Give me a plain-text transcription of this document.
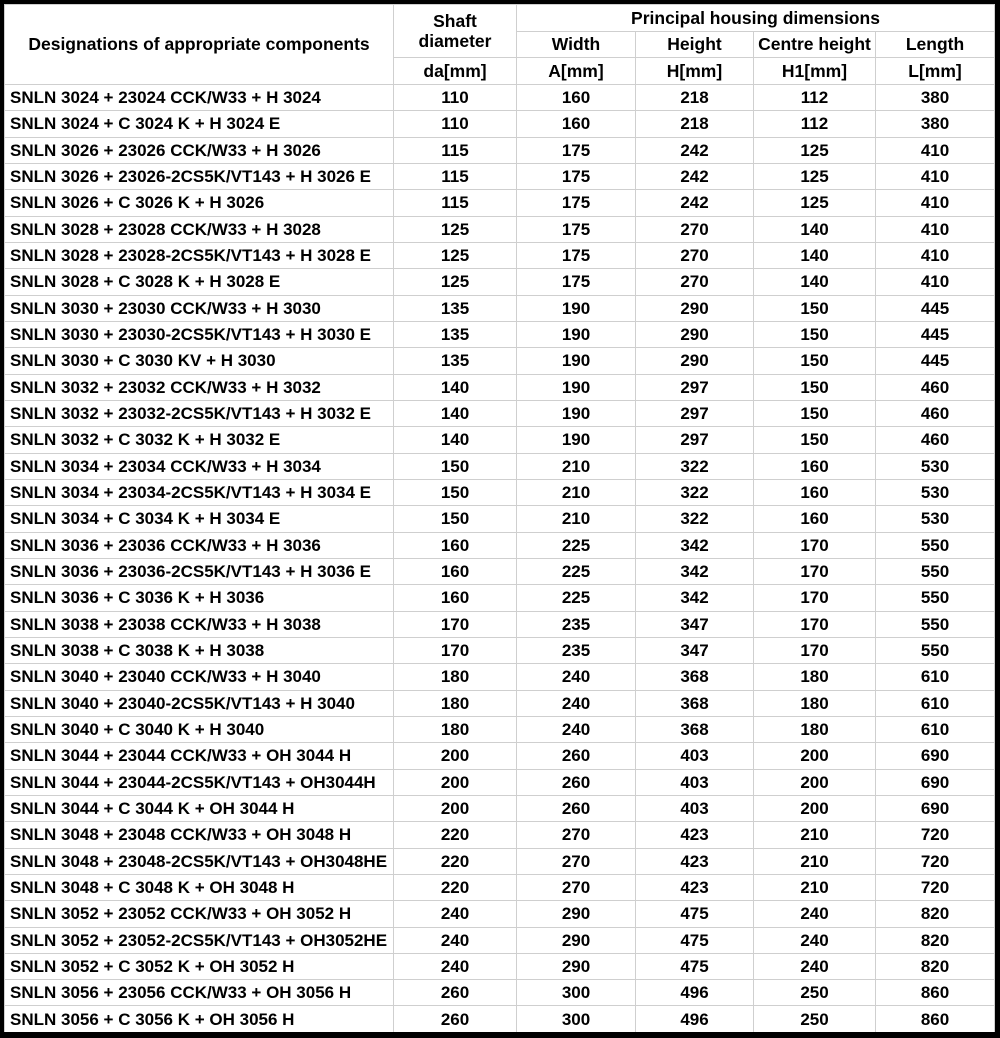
Designations of appropriate components	Shaft diameter	Principal housing dimensions			
		Width	Height	Centre height	Length
	da[mm]	A[mm]	H[mm]	H1[mm]	L[mm]
SNLN 3024 + 23024 CCK/W33 + H 3024	110	160	218	112	380
SNLN 3024 + C 3024 K + H 3024 E	110	160	218	112	380
SNLN 3026 + 23026 CCK/W33 + H 3026	115	175	242	125	410
SNLN 3026 + 23026-2CS5K/VT143 + H 3026 E	115	175	242	125	410
SNLN 3026 + C 3026 K + H 3026	115	175	242	125	410
SNLN 3028 + 23028 CCK/W33 + H 3028	125	175	270	140	410
SNLN 3028 + 23028-2CS5K/VT143 + H 3028 E	125	175	270	140	410
SNLN 3028 + C 3028 K + H 3028 E	125	175	270	140	410
SNLN 3030 + 23030 CCK/W33 + H 3030	135	190	290	150	445
SNLN 3030 + 23030-2CS5K/VT143 + H 3030 E	135	190	290	150	445
SNLN 3030 + C 3030 KV + H 3030	135	190	290	150	445
SNLN 3032 + 23032 CCK/W33 + H 3032	140	190	297	150	460
SNLN 3032 + 23032-2CS5K/VT143 + H 3032 E	140	190	297	150	460
SNLN 3032 + C 3032 K + H 3032 E	140	190	297	150	460
SNLN 3034 + 23034 CCK/W33 + H 3034	150	210	322	160	530
SNLN 3034 + 23034-2CS5K/VT143 + H 3034 E	150	210	322	160	530
SNLN 3034 + C 3034 K + H 3034 E	150	210	322	160	530
SNLN 3036 + 23036 CCK/W33 + H 3036	160	225	342	170	550
SNLN 3036 + 23036-2CS5K/VT143 + H 3036 E	160	225	342	170	550
SNLN 3036 + C 3036 K + H 3036	160	225	342	170	550
SNLN 3038 + 23038 CCK/W33 + H 3038	170	235	347	170	550
SNLN 3038 + C 3038 K + H 3038	170	235	347	170	550
SNLN 3040 + 23040 CCK/W33 + H 3040	180	240	368	180	610
SNLN 3040 + 23040-2CS5K/VT143 + H 3040	180	240	368	180	610
SNLN 3040 + C 3040 K + H 3040	180	240	368	180	610
SNLN 3044 + 23044 CCK/W33 + OH 3044 H	200	260	403	200	690
SNLN 3044 + 23044-2CS5K/VT143 + OH3044H	200	260	403	200	690
SNLN 3044 + C 3044 K + OH 3044 H	200	260	403	200	690
SNLN 3048 + 23048 CCK/W33 + OH 3048 H	220	270	423	210	720
SNLN 3048 + 23048-2CS5K/VT143 + OH3048HE	220	270	423	210	720
SNLN 3048 + C 3048 K + OH 3048 H	220	270	423	210	720
SNLN 3052 + 23052 CCK/W33 + OH 3052 H	240	290	475	240	820
SNLN 3052 + 23052-2CS5K/VT143 + OH3052HE	240	290	475	240	820
SNLN 3052 + C 3052 K + OH 3052 H	240	290	475	240	820
SNLN 3056 + 23056 CCK/W33 + OH 3056 H	260	300	496	250	860
SNLN 3056 + C 3056 K + OH 3056 H	260	300	496	250	860
